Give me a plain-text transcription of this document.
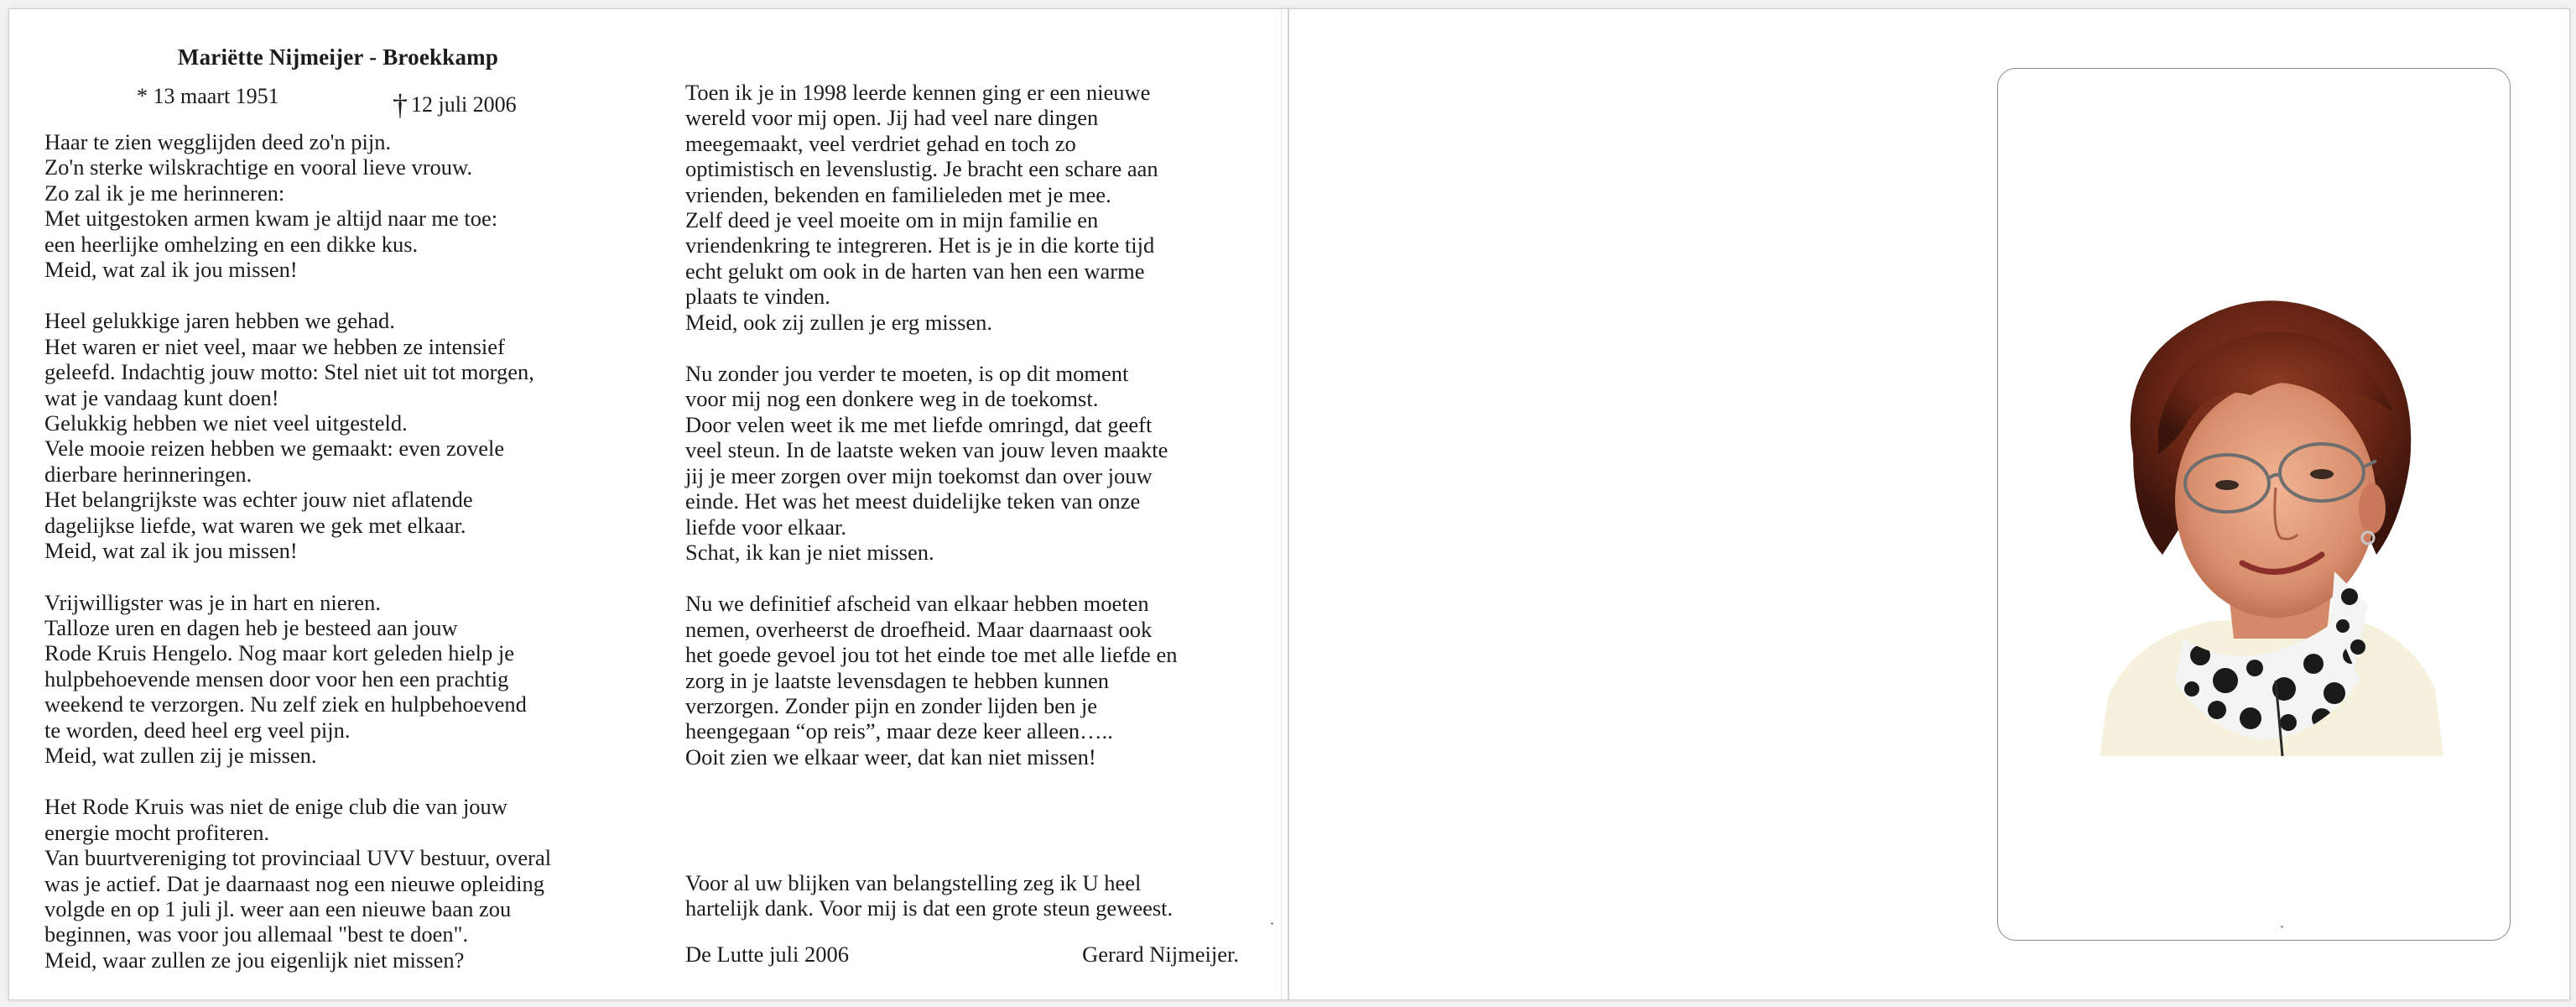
Mariëtte Nijmeijer - Broekkamp
* 13 maart 1951	† 12 juli 2006

Haar te zien wegglijden deed zo'n pijn.
Zo'n sterke wilskrachtige en vooral lieve vrouw.
Zo zal ik je me herinneren:
Met uitgestoken armen kwam je altijd naar me toe:
een heerlijke omhelzing en een dikke kus.
Meid, wat zal ik jou missen!

Heel gelukkige jaren hebben we gehad.
Het waren er niet veel, maar we hebben ze intensief
geleefd. Indachtig jouw motto: Stel niet uit tot morgen,
wat je vandaag kunt doen!
Gelukkig hebben we niet veel uitgesteld.
Vele mooie reizen hebben we gemaakt: even zovele
dierbare herinneringen.
Het belangrijkste was echter jouw niet aflatende
dagelijkse liefde, wat waren we gek met elkaar.
Meid, wat zal ik jou missen!

Vrijwilligster was je in hart en nieren.
Talloze uren en dagen heb je besteed aan jouw
Rode Kruis Hengelo. Nog maar kort geleden hielp je
hulpbehoevende mensen door voor hen een prachtig
weekend te verzorgen. Nu zelf ziek en hulpbehoevend
te worden, deed heel erg veel pijn.
Meid, wat zullen zij je missen.

Het Rode Kruis was niet de enige club die van jouw
energie mocht profiteren.
Van buurtvereniging tot provinciaal UVV bestuur, overal
was je actief. Dat je daarnaast nog een nieuwe opleiding
volgde en op 1 juli jl. weer aan een nieuwe baan zou
beginnen, was voor jou allemaal "best te doen".
Meid, waar zullen ze jou eigenlijk niet missen?

Toen ik je in 1998 leerde kennen ging er een nieuwe
wereld voor mij open. Jij had veel nare dingen
meegemaakt, veel verdriet gehad en toch zo
optimistisch en levenslustig. Je bracht een schare aan
vrienden, bekenden en familieleden met je mee.
Zelf deed je veel moeite om in mijn familie en
vriendenkring te integreren. Het is je in die korte tijd
echt gelukt om ook in de harten van hen een warme
plaats te vinden.
Meid, ook zij zullen je erg missen.

Nu zonder jou verder te moeten, is op dit moment
voor mij nog een donkere weg in de toekomst.
Door velen weet ik me met liefde omringd, dat geeft
veel steun. In de laatste weken van jouw leven maakte
jij je meer zorgen over mijn toekomst dan over jouw
einde. Het was het meest duidelijke teken van onze
liefde voor elkaar.
Schat, ik kan je niet missen.

Nu we definitief afscheid van elkaar hebben moeten
nemen, overheerst de droefheid. Maar daarnaast ook
het goede gevoel jou tot het einde toe met alle liefde en
zorg in je laatste levensdagen te hebben kunnen
verzorgen. Zonder pijn en zonder lijden ben je
heengegaan “op reis”, maar deze keer alleen…..
Ooit zien we elkaar weer, dat kan niet missen!

Voor al uw blijken van belangstelling zeg ik U heel
hartelijk dank. Voor mij is dat een grote steun geweest.
De Lutte juli 2006	Gerard Nijmeijer.
